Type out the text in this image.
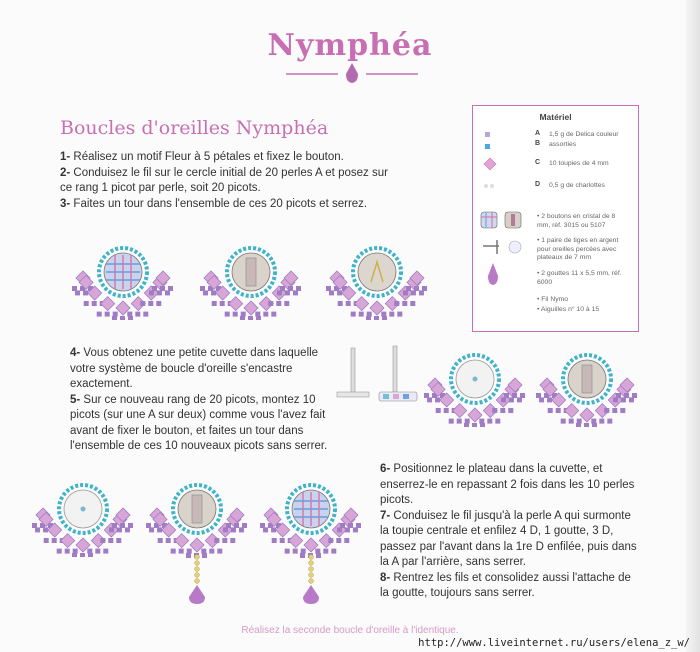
Nymphéa
Boucles d'oreilles Nymphéa

1- Réalisez un motif Fleur à 5 pétales et fixez le bouton.

2- Conduisez le fil sur le cercle initial de 20 perles A et posez sur ce rang 1 picot par perle, soit 20 picots.

3- Faites un tour dans l'ensemble de ces 20 picots et serrez.

4- Vous obtenez une petite cuvette dans laquelle votre système de boucle d'oreille s'encastre exactement.

5- Sur ce nouveau rang de 20 picots, montez 10 picots (sur une A sur deux) comme vous l'avez fait avant de fixer le bouton, et faites un tour dans l'ensemble de ces 10 nouveaux picots sans serrer.

6- Positionnez le plateau dans la cuvette, et enserrez-le en repassant 2 fois dans les 10 perles picots.

7- Conduisez le fil jusqu'à la perle A qui surmonte la toupie centrale et enfilez 4 D, 1 goutte, 3 D, passez par l'avant dans la 1re D enfilée, puis dans la A par l'arrière, sans serrer.

8- Rentrez les fils et consolidez aussi l'attache de la goutte, toujours sans serrer.

Matériel
A 1,5 g de Delica couleur
B assorties
C 10 toupies de 4 mm
D 0,5 g de charlottes
• 2 boutons en cristal de 8 mm, réf. 3015 ou 5107
• 1 paire de tiges en argent pour oreilles percées avec plateaux de 7 mm
• 2 gouttes 11 x 5,5 mm, réf. 6000
• Fil Nymo
• Aiguilles n° 10 à 15
Réalisez la seconde boucle d'oreille à l'identique.
http://www.liveinternet.ru/users/elena_z_w/
